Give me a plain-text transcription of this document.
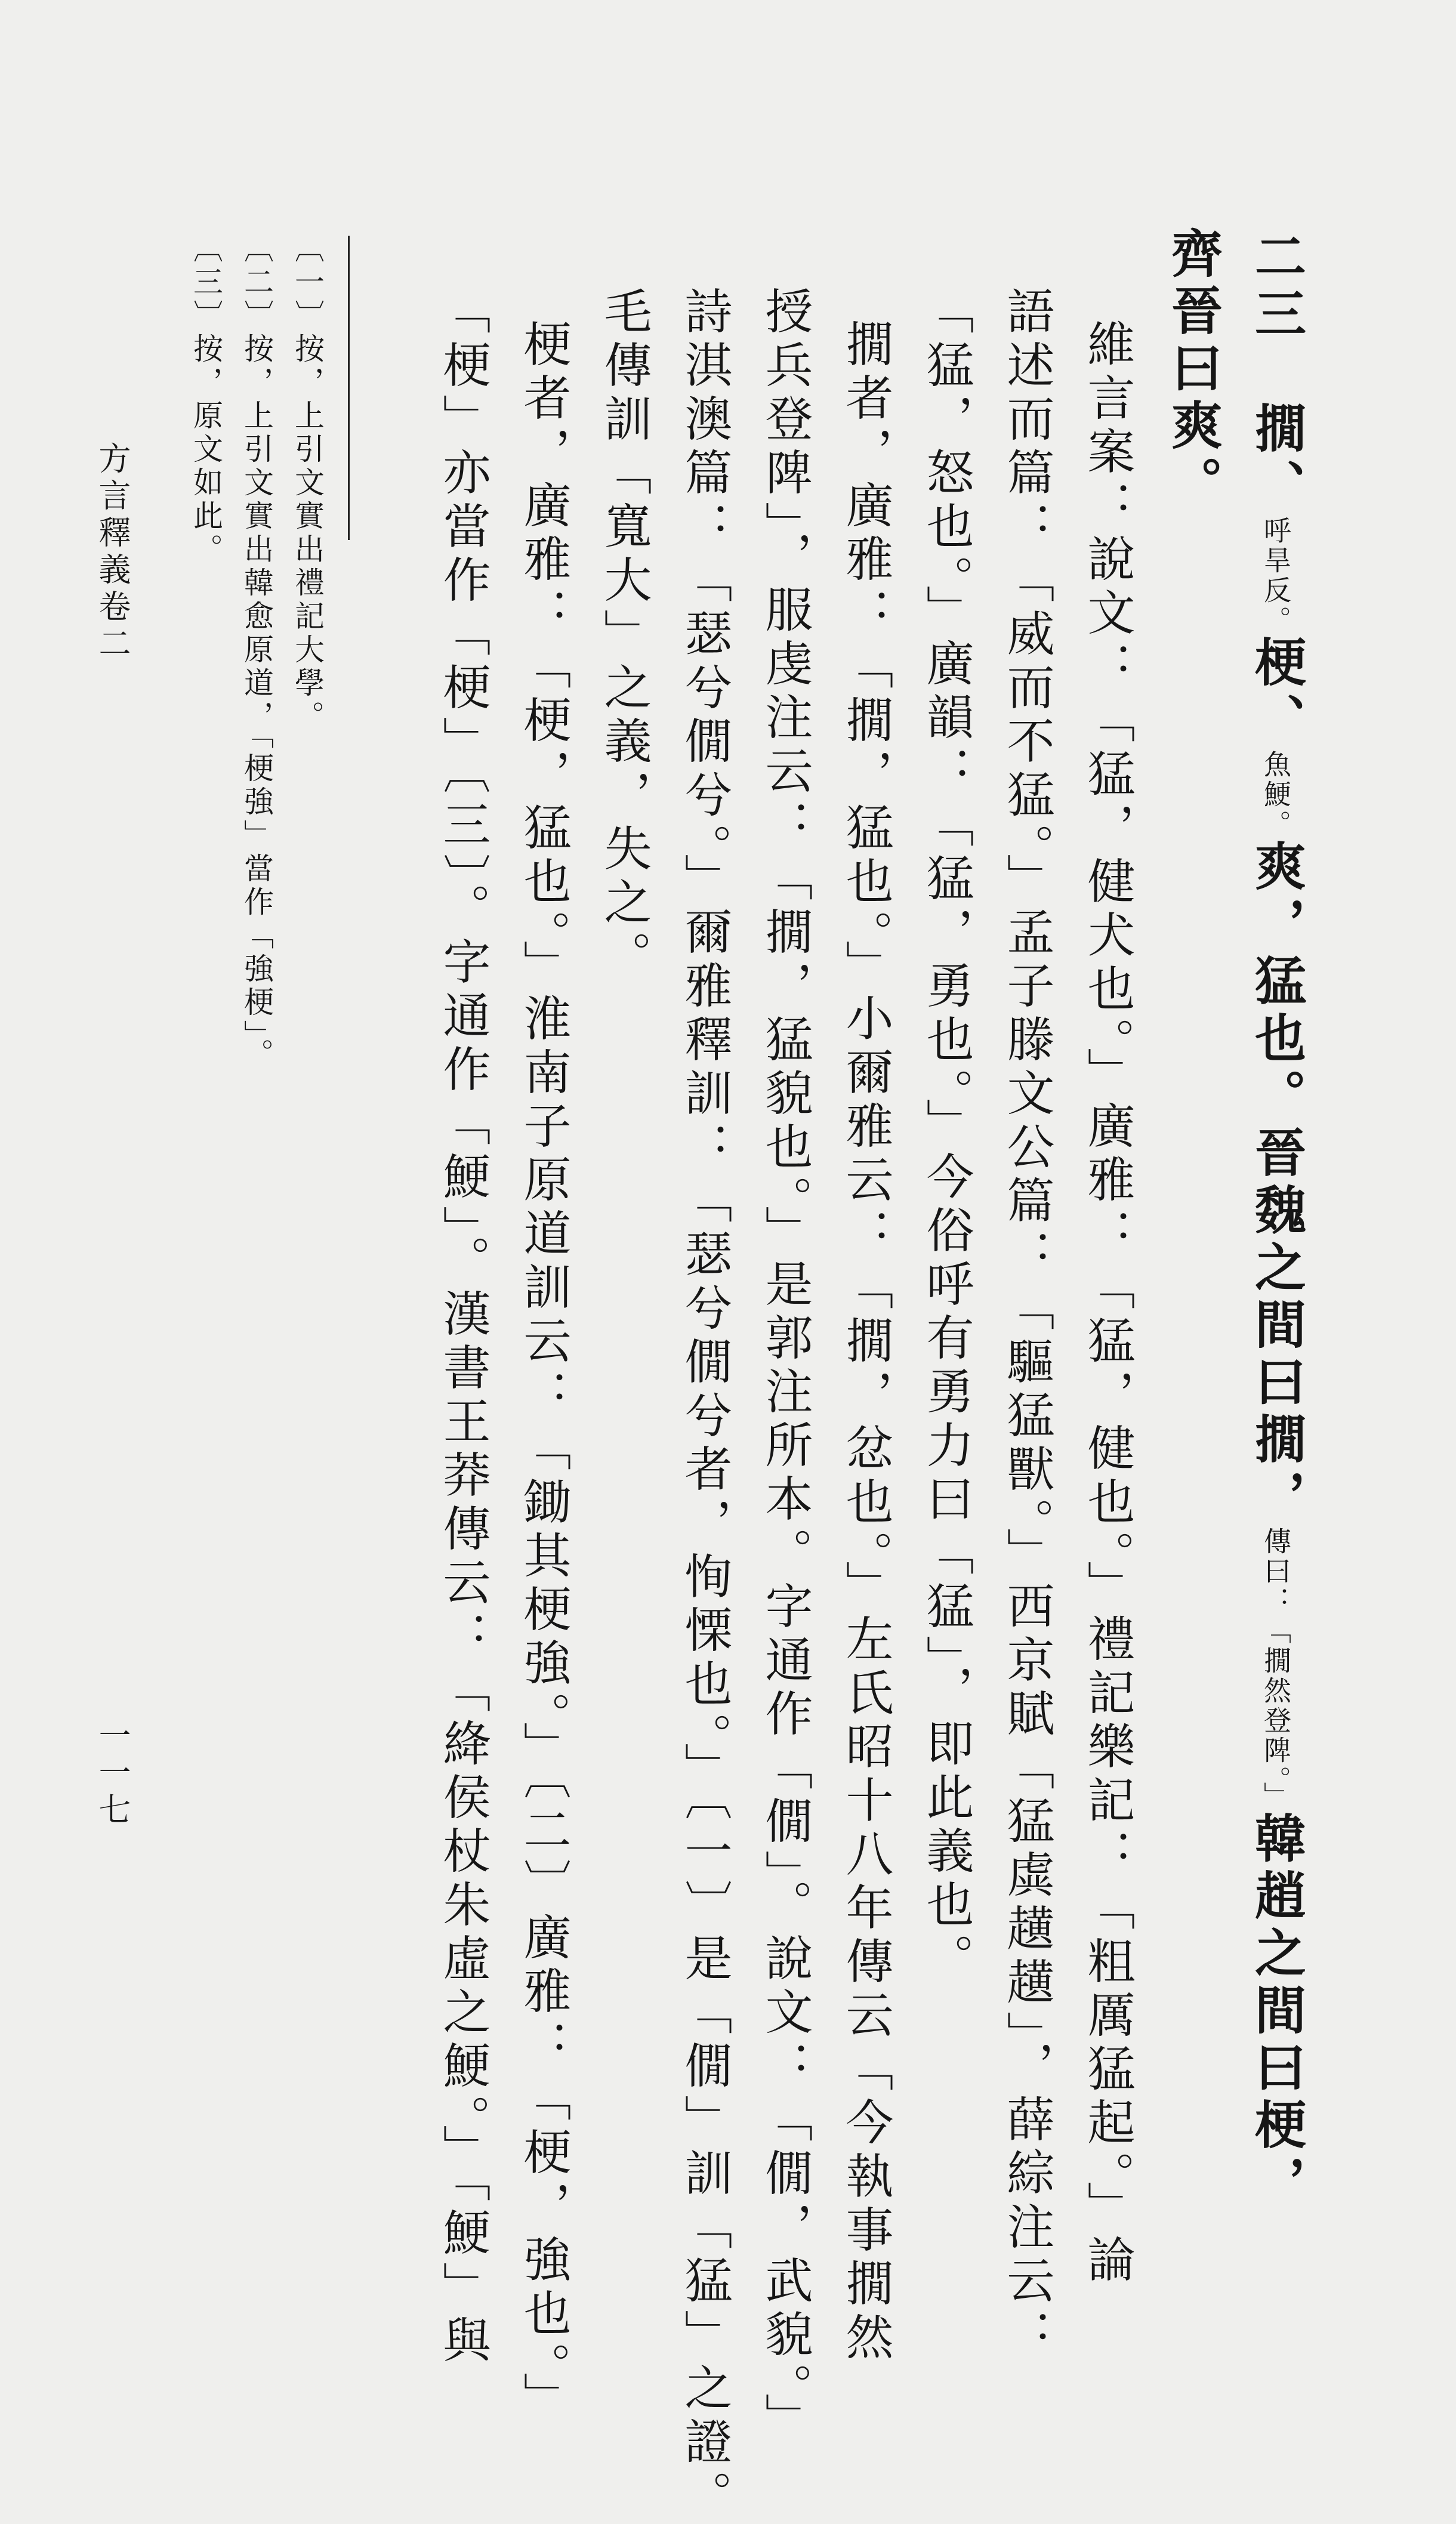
二三　撊、呼旱反。梗、魚鯁。爽，猛也。晉魏之間曰撊，傳曰：「撊然登陴。」韓趙之間曰梗，
齊晉曰爽。
維言案：說文：「猛，健犬也。」廣雅：「猛，健也。」禮記樂記：「粗厲猛起。」論
語述而篇：「威而不猛。」孟子滕文公篇：「驅猛獸。」西京賦「猛虡趪趪」，薛綜注云：
「猛，怒也。」廣韻：「猛，勇也。」今俗呼有勇力曰「猛」，即此義也。
撊者，廣雅：「撊，猛也。」小爾雅云：「撊，忿也。」左氏昭十八年傳云「今執事撊然
授兵登陴」，服虔注云：「撊，猛貌也。」是郭注所本。字通作「僩」。說文：「僩，武貌。」
詩淇澳篇：「瑟兮僩兮。」爾雅釋訓：「瑟兮僩兮者，恂慄也。」〔一〕是「僩」訓「猛」之證。
毛傳訓「寬大」之義，失之。
梗者，廣雅：「梗，猛也。」淮南子原道訓云：「鋤其梗強。」〔二〕廣雅：「梗，強也。」
「梗」亦當作「梗」〔三〕。字通作「鯁」。漢書王莽傳云：「絳侯杖朱虛之鯁。」「鯁」與
〔一〕按，上引文實出禮記大學。
〔二〕按，上引文實出韓愈原道，「梗強」當作「強梗」。
〔三〕按，原文如此。
方言釋義卷二
一一七
